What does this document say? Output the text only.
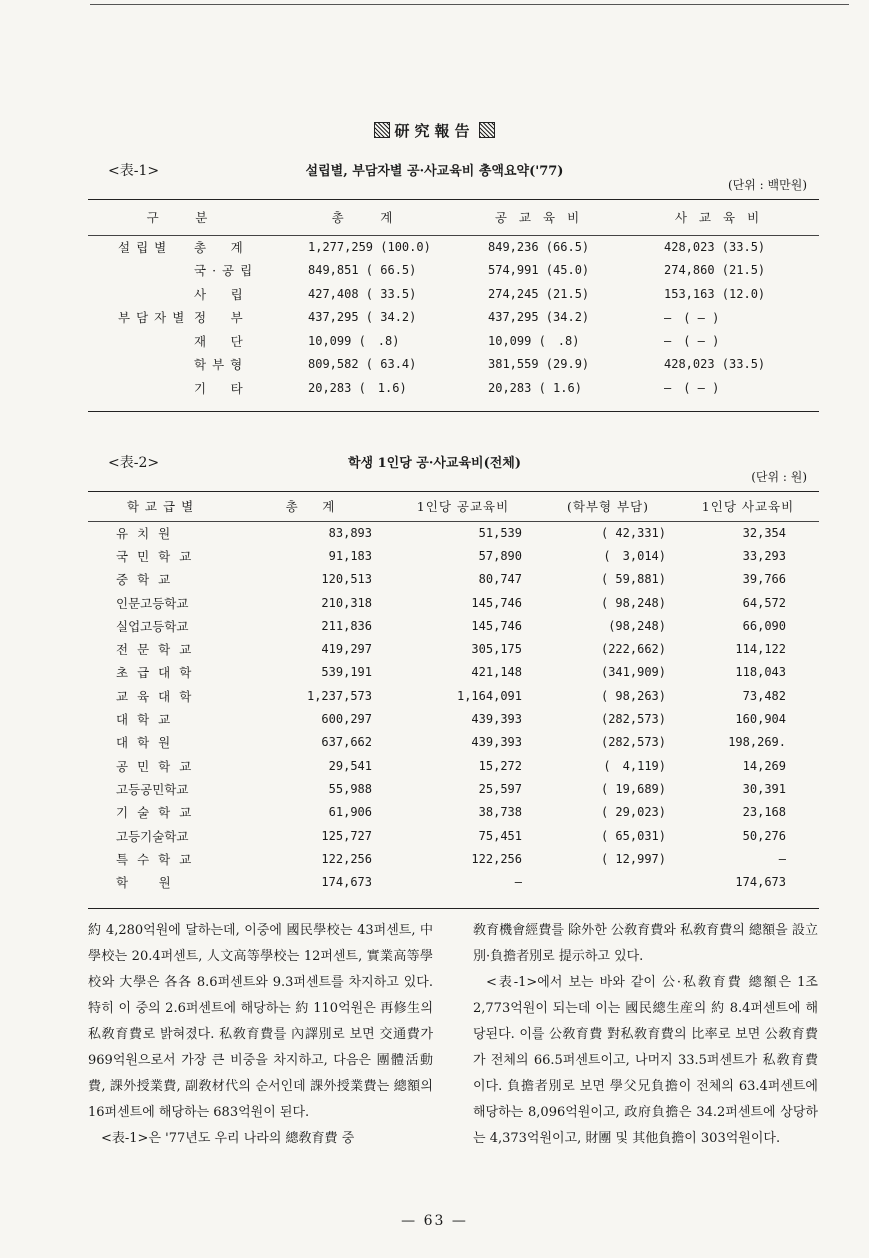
研究報告
<表-1>	설립별, 부담자별 공·사교육비 총액요약('77)
(단위 : 백만원)
구　분	총　계	공교육비	사교육비
설립별 총　계	1,277,259 (100.0)	849,236 (66.5)	428,023 (33.5)
국·공립	849,851 ( 66.5)	574,991 (45.0)	274,860 (21.5)
사　립	427,408 ( 33.5)	274,245 (21.5)	153,163 (12.0)
부담자별 정　부	437,295 ( 34.2)	437,295 (34.2)	—　( — )
재　단	10,099 (　.8)	10,099 (　.8)	—　( — )
학부형	809,582 ( 63.4)	381,559 (29.9)	428,023 (33.5)
기　타	20,283 (　1.6)	20,283 ( 1.6)	—　( — )
<表-2>	학생 1인당 공·사교육비(전체)
(단위 : 원)
학교급별	총　계	1인당 공교육비	(학부형 부담)	1인당 사교육비
유치원	83,893	51,539	( 42,331)	32,354
국민학교	91,183	57,890	(　3,014)	33,293
중학교	120,513	80,747	( 59,881)	39,766
인문고등학교	210,318	145,746	( 98,248)	64,572
실업고등학교	211,836	145,746	(98,248)	66,090
전문학교	419,297	305,175	(222,662)	114,122
초급대학	539,191	421,148	(341,909)	118,043
교육대학	1,237,573	1,164,091	( 98,263)	73,482
대학교	600,297	439,393	(282,573)	160,904
대학원	637,662	439,393	(282,573)	198,269.
공민학교	29,541	15,272	(　4,119)	14,269
고등공민학교	55,988	25,597	( 19,689)	30,391
기술학교	61,906	38,738	( 29,023)	23,168
고등기술학교	125,727	75,451	( 65,031)	50,276
특수학교	122,256	122,256	( 12,997)	—
학　원	174,673	—		174,673

約 4,280억원에 달하는데, 이중에 國民學校는 43퍼센트, 中學校는 20.4퍼센트, 人文高等學校는 12퍼센트, 實業高等學校와 大學은 各各 8.6퍼센트와 9.3퍼센트를 차지하고 있다. 特히 이 중의 2.6퍼센트에 해당하는 約 110억원은 再修生의 私敎育費로 밝혀졌다. 私敎育費를 內譯別로 보면 交通費가 969억원으로서 가장 큰 비중을 차지하고, 다음은 團體活動費, 課外授業費, 副敎材代의 순서인데 課外授業費는 總額의 16퍼센트에 해당하는 683억원이 된다.

<表-1>은 '77년도 우리 나라의 總敎育費 중

敎育機會經費를 除外한 公敎育費와 私敎育費의 總額을 設立別·負擔者別로 提示하고 있다.

<表-1>에서 보는 바와 같이 公·私敎育費 總額은 1조 2,773억원이 되는데 이는 國民總生産의 約 8.4퍼센트에 해당된다. 이를 公敎育費 對私敎育費의 比率로 보면 公敎育費가 전체의 66.5퍼센트이고, 나머지 33.5퍼센트가 私敎育費이다. 負擔者別로 보면 學父兄負擔이 전체의 63.4퍼센트에 해당하는 8,096억원이고, 政府負擔은 34.2퍼센트에 상당하는 4,373억원이고, 財團 및 其他負擔이 303억원이다.

— 63 —
